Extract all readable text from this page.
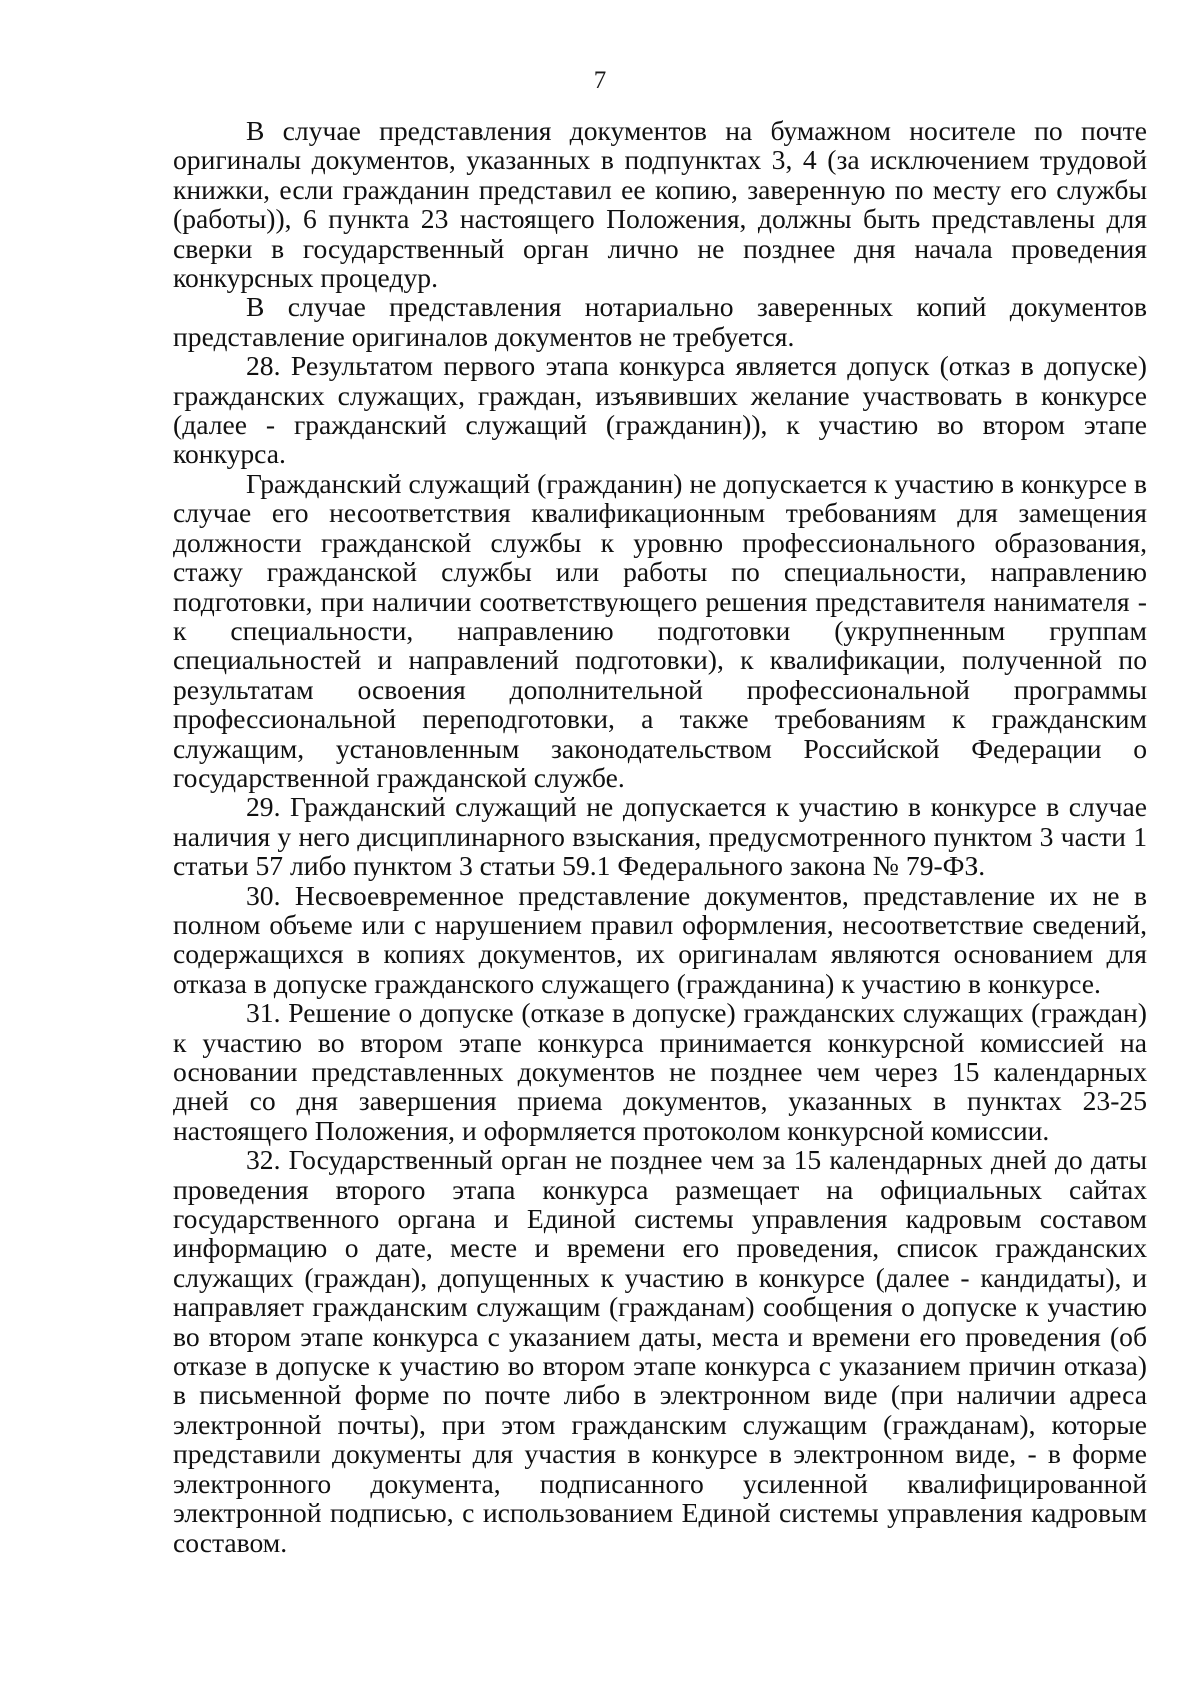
7

В случае представления документов на бумажном носителе по почте оригиналы документов, указанных в подпунктах 3, 4 (за исключением трудовой книжки, если гражданин представил ее копию, заверенную по месту его службы (работы)), 6 пункта 23 настоящего Положения, должны быть представлены для сверки в государственный орган лично не позднее дня начала проведения конкурсных процедур.

В случае представления нотариально заверенных копий документов представление оригиналов документов не требуется.

28. Результатом первого этапа конкурса является допуск (отказ в допуске) гражданских служащих, граждан, изъявивших желание участвовать в конкурсе (далее - гражданский служащий (гражданин)), к участию во втором этапе конкурса.

Гражданский служащий (гражданин) не допускается к участию в конкурсе в случае его несоответствия квалификационным требованиям для замещения должности гражданской службы к уровню профессионального образования, стажу гражданской службы или работы по специальности, направлению подготовки, при наличии соответствующего решения представителя нанимателя - к специальности, направлению подготовки (укрупненным группам специальностей и направлений подготовки), к квалификации, полученной по результатам освоения дополнительной профессиональной программы профессиональной переподготовки, а также требованиям к гражданским служащим, установленным законодательством Российской Федерации о государственной гражданской службе.

29. Гражданский служащий не допускается к участию в конкурсе в случае наличия у него дисциплинарного взыскания, предусмотренного пунктом 3 части 1 статьи 57 либо пунктом 3 статьи 59.1 Федерального закона № 79-ФЗ.

30. Несвоевременное представление документов, представление их не в полном объеме или с нарушением правил оформления, несоответствие сведений, содержащихся в копиях документов, их оригиналам являются основанием для отказа в допуске гражданского служащего (гражданина) к участию в конкурсе.

31. Решение о допуске (отказе в допуске) гражданских служащих (граждан) к участию во втором этапе конкурса принимается конкурсной комиссией на основании представленных документов не позднее чем через 15 календарных дней со дня завершения приема документов, указанных в пунктах 23-25 настоящего Положения, и оформляется протоколом конкурсной комиссии.

32. Государственный орган не позднее чем за 15 календарных дней до даты проведения второго этапа конкурса размещает на официальных сайтах государственного органа и Единой системы управления кадровым составом информацию о дате, месте и времени его проведения, список гражданских служащих (граждан), допущенных к участию в конкурсе (далее - кандидаты), и направляет гражданским служащим (гражданам) сообщения о допуске к участию во втором этапе конкурса с указанием даты, места и времени его проведения (об отказе в допуске к участию во втором этапе конкурса с указанием причин отказа) в письменной форме по почте либо в электронном виде (при наличии адреса электронной почты), при этом гражданским служащим (гражданам), которые представили документы для участия в конкурсе в электронном виде, - в форме электронного документа, подписанного усиленной квалифицированной электронной подписью, с использованием Единой системы управления кадровым составом.
